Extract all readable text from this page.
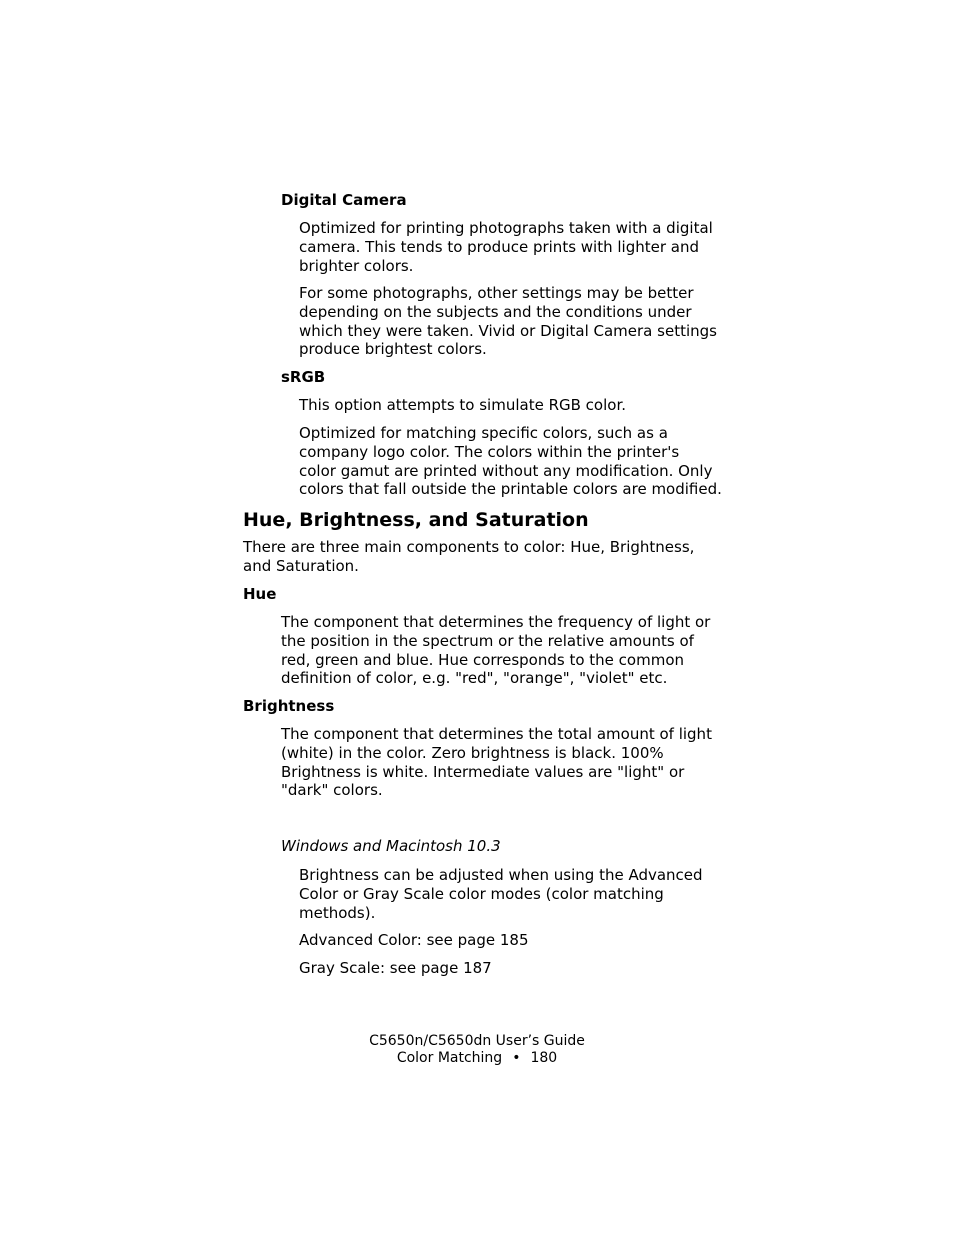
Digital Camera

Optimized for printing photographs taken with a digital
camera. This tends to produce prints with lighter and
brighter colors.

For some photographs, other settings may be better
depending on the subjects and the conditions under
which they were taken. Vivid or Digital Camera settings
produce brightest colors.

sRGB

This option attempts to simulate RGB color.

Optimized for matching specific colors, such as a
company logo color. The colors within the printer's
color gamut are printed without any modification. Only
colors that fall outside the printable colors are modified.

Hue, Brightness, and Saturation

There are three main components to color: Hue, Brightness,
and Saturation.

Hue

The component that determines the frequency of light or
the position in the spectrum or the relative amounts of
red, green and blue. Hue corresponds to the common
definition of color, e.g. "red", "orange", "violet" etc.

Brightness

The component that determines the total amount of light
(white) in the color. Zero brightness is black. 100%
Brightness is white. Intermediate values are "light" or
"dark" colors.

Windows and Macintosh 10.3

Brightness can be adjusted when using the Advanced
Color or Gray Scale color modes (color matching
methods).

Advanced Color: see page 185

Gray Scale: see page 187

C5650n/C5650dn User’s Guide
Color Matching • 180
